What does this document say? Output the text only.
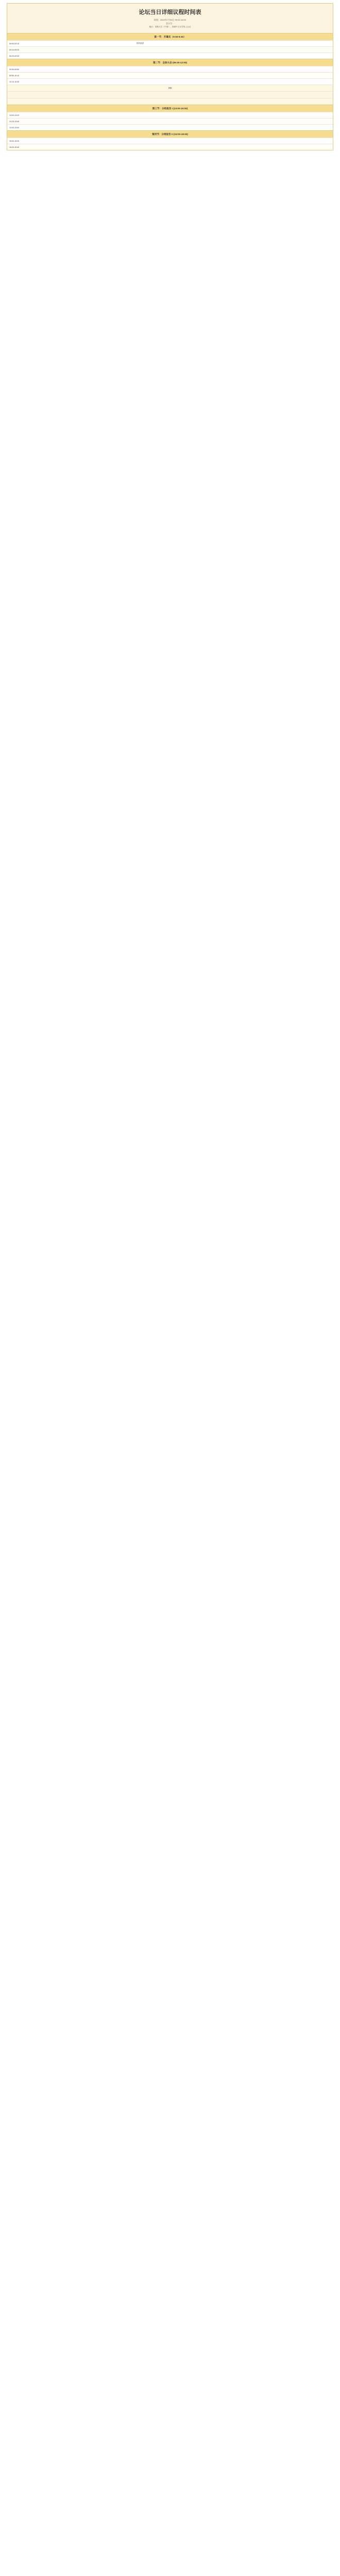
论坛当日详细议程时间表
时间：2022年7月30日 09:00-18:00
会议号：
地点：香港大学（中国），香港中文大学线上会议
第一节：开幕式（9:00-9:30）
09:00-09:10	领导致辞
09:10-09:20
09:20-09:30
第二节：全体大会 (09:30-12:00)
09:30-09:50
09:50-10:10
10:10-10:30
茶歇
第三节：分组报告 I (13:00-15:00)
13:00-13:20
13:20-13:40
13:40-14:00
第四节：分组报告 II (15:00-18:00)
15:00-15:20
15:20-15:40
